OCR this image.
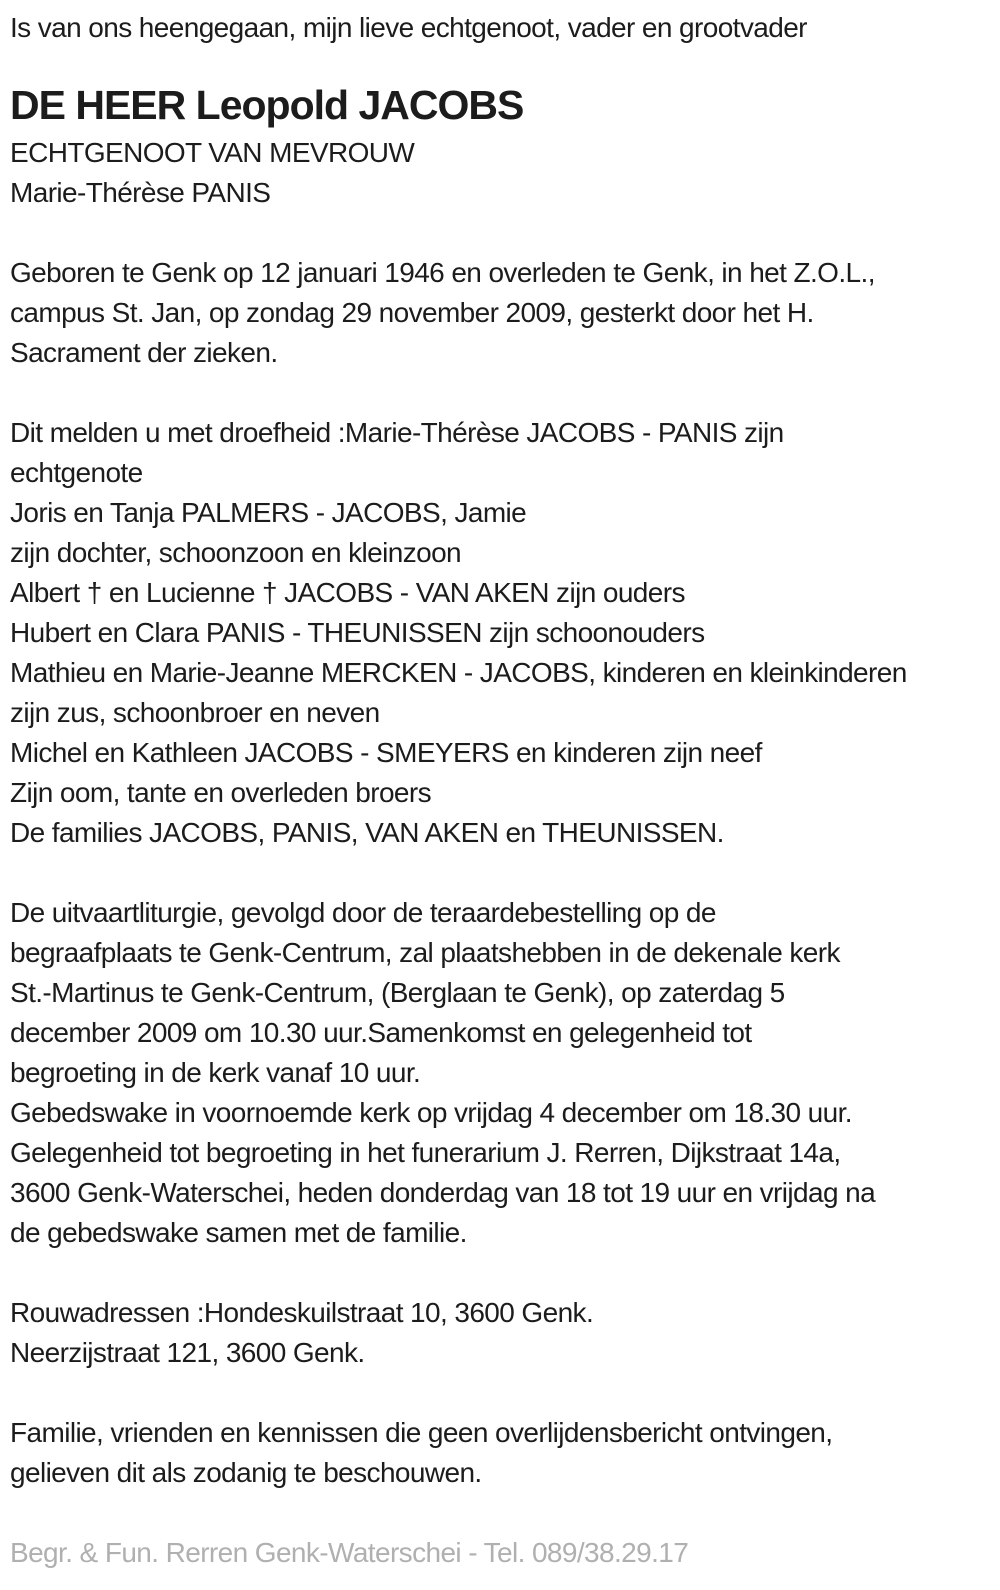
Is van ons heengegaan, mijn lieve echtgenoot, vader en grootvader
DE HEER Leopold JACOBS
ECHTGENOOT VAN MEVROUW
Marie-Thérèse PANIS
Geboren te Genk op 12 januari 1946 en overleden te Genk, in het Z.O.L.,
campus St. Jan, op zondag 29 november 2009, gesterkt door het H.
Sacrament der zieken.
Dit melden u met droefheid :Marie-Thérèse JACOBS - PANIS zijn
echtgenote
Joris en Tanja PALMERS - JACOBS, Jamie
zijn dochter, schoonzoon en kleinzoon
Albert † en Lucienne † JACOBS - VAN AKEN zijn ouders
Hubert en Clara PANIS - THEUNISSEN zijn schoonouders
Mathieu en Marie-Jeanne MERCKEN - JACOBS, kinderen en kleinkinderen
zijn zus, schoonbroer en neven
Michel en Kathleen JACOBS - SMEYERS en kinderen zijn neef
Zijn oom, tante en overleden broers
De families JACOBS, PANIS, VAN AKEN en THEUNISSEN.
De uitvaartliturgie, gevolgd door de teraardebestelling op de
begraafplaats te Genk-Centrum, zal plaatshebben in de dekenale kerk
St.-Martinus te Genk-Centrum, (Berglaan te Genk), op zaterdag 5
december 2009 om 10.30 uur.Samenkomst en gelegenheid tot
begroeting in de kerk vanaf 10 uur.
Gebedswake in voornoemde kerk op vrijdag 4 december om 18.30 uur.
Gelegenheid tot begroeting in het funerarium J. Rerren, Dijkstraat 14a,
3600 Genk-Waterschei, heden donderdag van 18 tot 19 uur en vrijdag na
de gebedswake samen met de familie.
Rouwadressen :Hondeskuilstraat 10, 3600 Genk.
Neerzijstraat 121, 3600 Genk.
Familie, vrienden en kennissen die geen overlijdensbericht ontvingen,
gelieven dit als zodanig te beschouwen.
Begr. & Fun. Rerren Genk-Waterschei - Tel. 089/38.29.17
